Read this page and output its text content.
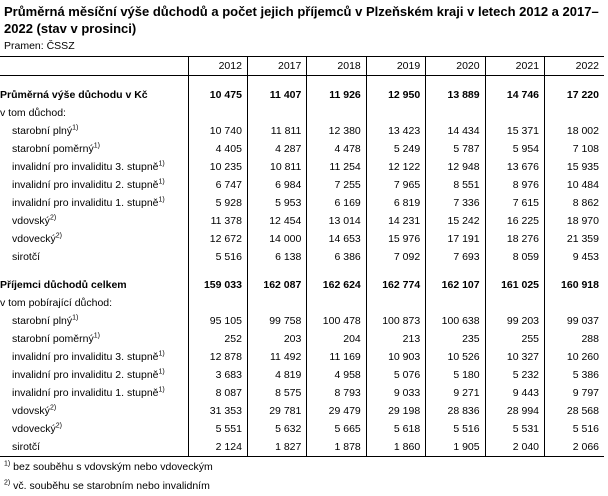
Průměrná měsíční výše důchodů a počet jejich příjemců v Plzeňském kraji v letech 2012 a 2017–2022 (stav v prosinci)
Pramen: ČSSZ
	2012	2017	2018	2019	2020	2021	2022

Průměrná výše důchodu v Kč	10 475	11 407	11 926	12 950	13 889	14 746	17 220
v tom důchod:							
starobní plný$^{1)}$	10 740	11 811	12 380	13 423	14 434	15 371	18 002
starobní poměrný$^{1)}$	4 405	4 287	4 478	5 249	5 787	5 954	7 108
invalidní pro invaliditu 3. stupně$^{1)}$	10 235	10 811	11 254	12 122	12 948	13 676	15 935
invalidní pro invaliditu 2. stupně$^{1)}$	6 747	6 984	7 255	7 965	8 551	8 976	10 484
invalidní pro invaliditu 1. stupně$^{1)}$	5 928	5 953	6 169	6 819	7 336	7 615	8 862
vdovský$^{2)}$	11 378	12 454	13 014	14 231	15 242	16 225	18 970
vdovecký$^{2)}$	12 672	14 000	14 653	15 976	17 191	18 276	21 359
sirotčí	5 516	6 138	6 386	7 092	7 693	8 059	9 453

Příjemci důchodů celkem	159 033	162 087	162 624	162 774	162 107	161 025	160 918
v tom pobírající důchod:							
starobní plný$^{1)}$	95 105	99 758	100 478	100 873	100 638	99 203	99 037
starobní poměrný$^{1)}$	252	203	204	213	235	255	288
invalidní pro invaliditu 3. stupně$^{1)}$	12 878	11 492	11 169	10 903	10 526	10 327	10 260
invalidní pro invaliditu 2. stupně$^{1)}$	3 683	4 819	4 958	5 076	5 180	5 232	5 386
invalidní pro invaliditu 1. stupně$^{1)}$	8 087	8 575	8 793	9 033	9 271	9 443	9 797
vdovský$^{2)}$	31 353	29 781	29 479	29 198	28 836	28 994	28 568
vdovecký$^{2)}$	5 551	5 632	5 665	5 618	5 516	5 531	5 516
sirotčí	2 124	1 827	1 878	1 860	1 905	2 040	2 066
$^{1)}$ bez souběhu s vdovským nebo vdoveckým
$^{2)}$ vč. souběhu se starobním nebo invalidním
